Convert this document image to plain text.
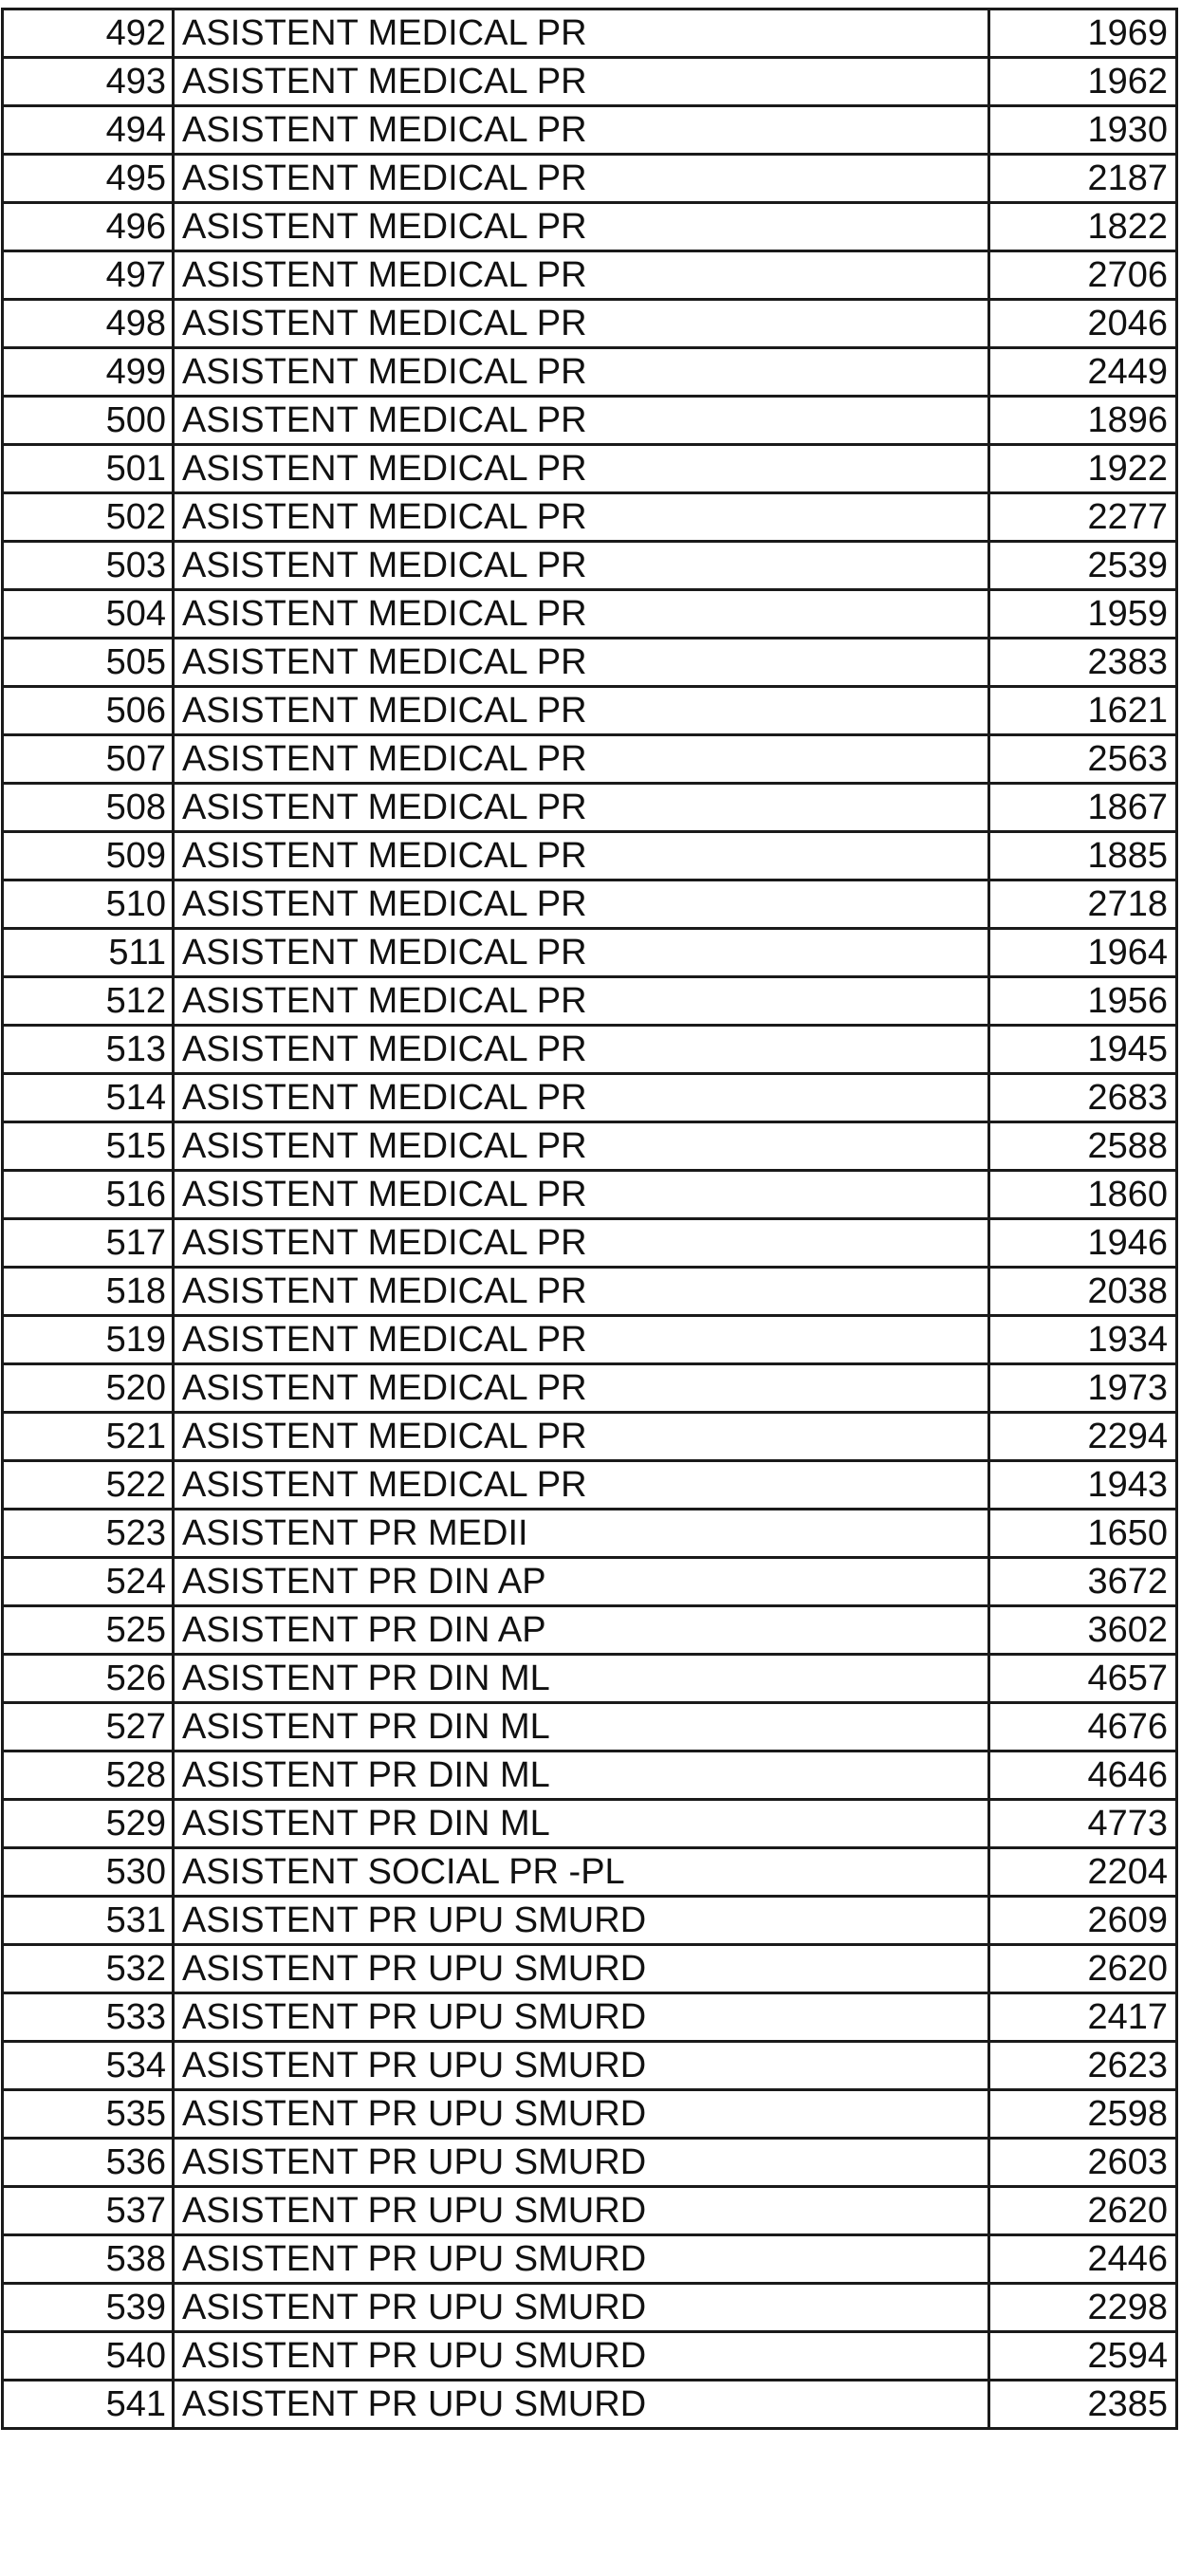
492	ASISTENT MEDICAL PR	1969
493	ASISTENT MEDICAL PR	1962
494	ASISTENT MEDICAL PR	1930
495	ASISTENT MEDICAL PR	2187
496	ASISTENT MEDICAL PR	1822
497	ASISTENT MEDICAL PR	2706
498	ASISTENT MEDICAL PR	2046
499	ASISTENT MEDICAL PR	2449
500	ASISTENT MEDICAL PR	1896
501	ASISTENT MEDICAL PR	1922
502	ASISTENT MEDICAL PR	2277
503	ASISTENT MEDICAL PR	2539
504	ASISTENT MEDICAL PR	1959
505	ASISTENT MEDICAL PR	2383
506	ASISTENT MEDICAL PR	1621
507	ASISTENT MEDICAL PR	2563
508	ASISTENT MEDICAL PR	1867
509	ASISTENT MEDICAL PR	1885
510	ASISTENT MEDICAL PR	2718
511	ASISTENT MEDICAL PR	1964
512	ASISTENT MEDICAL PR	1956
513	ASISTENT MEDICAL PR	1945
514	ASISTENT MEDICAL PR	2683
515	ASISTENT MEDICAL PR	2588
516	ASISTENT MEDICAL PR	1860
517	ASISTENT MEDICAL PR	1946
518	ASISTENT MEDICAL PR	2038
519	ASISTENT MEDICAL PR	1934
520	ASISTENT MEDICAL PR	1973
521	ASISTENT MEDICAL PR	2294
522	ASISTENT MEDICAL PR	1943
523	ASISTENT PR MEDII	1650
524	ASISTENT PR DIN AP	3672
525	ASISTENT PR DIN AP	3602
526	ASISTENT PR DIN ML	4657
527	ASISTENT PR DIN ML	4676
528	ASISTENT PR DIN ML	4646
529	ASISTENT PR DIN ML	4773
530	ASISTENT SOCIAL PR -PL	2204
531	ASISTENT PR UPU SMURD	2609
532	ASISTENT PR UPU SMURD	2620
533	ASISTENT PR UPU SMURD	2417
534	ASISTENT PR UPU SMURD	2623
535	ASISTENT PR UPU SMURD	2598
536	ASISTENT PR UPU SMURD	2603
537	ASISTENT PR UPU SMURD	2620
538	ASISTENT PR UPU SMURD	2446
539	ASISTENT PR UPU SMURD	2298
540	ASISTENT PR UPU SMURD	2594
541	ASISTENT PR UPU SMURD	2385
